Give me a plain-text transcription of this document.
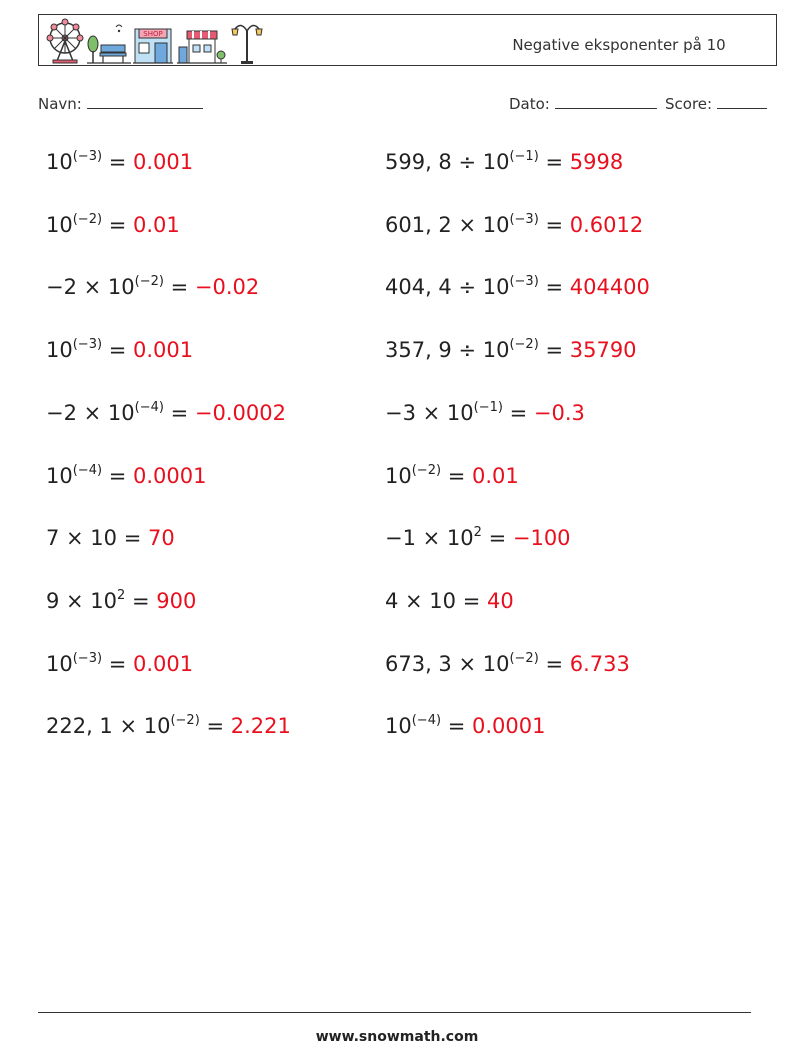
SHOP
Negative eksponenter på 10
Navn:	Dato:	Score:
$10^{(-3)} = 0.001$	599, $8 \div 10^{(-1)} = 5998$
$10^{(-2)} = 0.01$	601, $2 \times 10^{(-3)} = 0.6012$
$-2 \times 10^{(-2)} = -0.02$	404, $4 \div 10^{(-3)} = 404400$
$10^{(-3)} = 0.001$	357, $9 \div 10^{(-2)} = 35790$
$-2 \times 10^{(-4)} = -0.0002$	$-3 \times 10^{(-1)} = -0.3$
$10^{(-4)} = 0.0001$	$10^{(-2)} = 0.01$
7 × 10 = 70	$-1 \times 10^2 = -100$
$9 \times 10^2 = 900$	4 × 10 = 40
$10^{(-3)} = 0.001$	673, $3 \times 10^{(-2)} = 6.733$
222, $1 \times 10^{(-2)} = 2.221$	$10^{(-4)} = 0.0001$
www.snowmath.com
